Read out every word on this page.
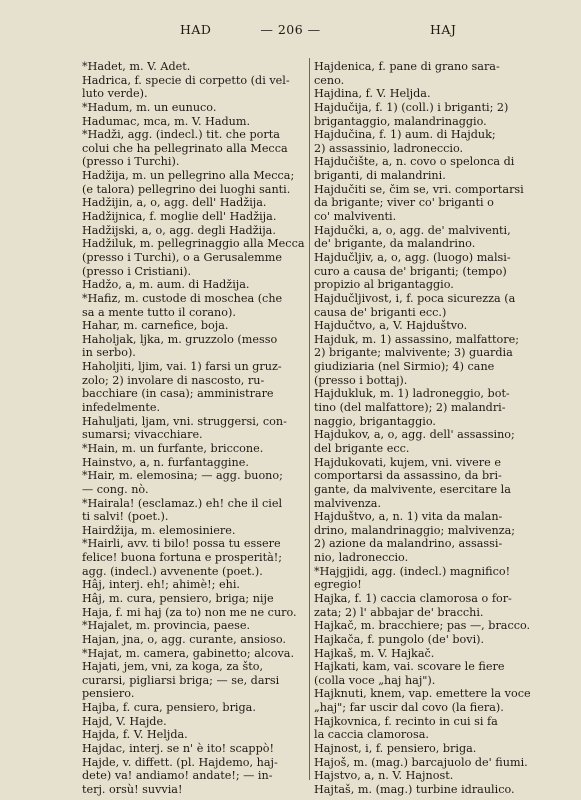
HAD	— 206 —	HAJ
*Hadet, m. V. Adet.
Hadrica, f. specie di corpetto (di vel-
luto verde).
*Hadum, m. un eunuco.
Hadumac, mca, m. V. Hadum.
*Hadži, agg. (indecl.) tit. che porta
colui che ha pellegrinato alla Mecca
(presso i Turchi).
Hadžija, m. un pellegrino alla Mecca;
(e talora) pellegrino dei luoghi santi.
Hadžijin, a, o, agg. dell' Hadžija.
Hadžijnica, f. moglie dell' Hadžija.
Hadžijski, a, o, agg. degli Hadžija.
Hadžiluk, m. pellegrinaggio alla Mecca
(presso i Turchi), o a Gerusalemme
(presso i Cristiani).
Hadžo, a, m. aum. di Hadžija.
*Hafiz, m. custode di moschea (che
sa a mente tutto il corano).
Hahar, m. carnefice, boja.
Haholjak, ljka, m. gruzzolo (messo
in serbo).
Haholjiti, ljim, vai. 1) farsi un gruz-
zolo; 2) involare di nascosto, ru-
bacchiare (in casa); amministrare
infedelmente.
Hahuljati, ljam, vni. struggersi, con-
sumarsi; vivacchiare.
*Hain, m. un furfante, briccone.
Hainstvo, a, n. furfantaggine.
*Hair, m. elemosina; — agg. buono;
— cong. nò.
*Hairala! (esclamaz.) eh! che il ciel
ti salvi! (poet.).
Hairdžija, m. elemosiniere.
*Hairli, avv. ti bilo! possa tu essere
felice! buona fortuna e prosperità!;
agg. (indecl.) avvenente (poet.).
Hâj, interj. eh!; ahimè!; ehi.
Hâj, m. cura, pensiero, briga; nije
Haja, f. mi haj (za to) non me ne curo.
*Hajalet, m. provincia, paese.
Hajan, jna, o, agg. curante, ansioso.
*Hajat, m. camera, gabinetto; alcova.
Hajati, jem, vni, za koga, za što,
curarsi, pigliarsi briga; — se, darsi
pensiero.
Hajba, f. cura, pensiero, briga.
Hajd, V. Hajde.
Hajda, f. V. Heljda.
Hajdac, interj. se n' è ito! scappò!
Hajde, v. diffett. (pl. Hajdemo, haj-
dete) va! andiamo! andate!; — in-
terj. orsù! suvvia!
Hajdenica, f. pane di grano sara-
ceno.
Hajdina, f. V. Heljda.
Hajdučija, f. 1) (coll.) i briganti; 2)
brigantaggio, malandrinaggio.
Hajdučina, f. 1) aum. di Hajduk;
2) assassinio, ladroneccio.
Hajdučište, a, n. covo o spelonca di
briganti, di malandrini.
Hajdučiti se, čim se, vri. comportarsi
da brigante; viver co' briganti o
co' malviventi.
Hajdučki, a, o, agg. de' malviventi,
de' brigante, da malandrino.
Hajdučljiv, a, o, agg. (luogo) malsi-
curo a causa de' briganti; (tempo)
propizio al brigantaggio.
Hajdučljivost, i, f. poca sicurezza (a
causa de' briganti ecc.)
Hajdučtvo, a, V. Hajduštvo.
Hajduk, m. 1) assassino, malfattore;
2) brigante; malvivente; 3) guardia
giudiziaria (nel Sirmio); 4) cane
(presso i bottaj).
Hajdukluk, m. 1) ladroneggio, bot-
tino (del malfattore); 2) malandri-
naggio, brigantaggio.
Hajdukov, a, o, agg. dell' assassino;
del brigante ecc.
Hajdukovati, kujem, vni. vivere e
comportarsi da assassino, da bri-
gante, da malvivente, esercitare la
malvivenza.
Hajduštvo, a, n. 1) vita da malan-
drino, malandrinaggio; malvivenza;
2) azione da malandrino, assassi-
nio, ladroneccio.
*Hajgjidi, agg. (indecl.) magnifico!
egregio!
Hajka, f. 1) caccia clamorosa o for-
zata; 2) l' abbajar de' bracchi.
Hajkač, m. bracchiere; pas —, bracco.
Hajkača, f. pungolo (de' bovi).
Hajkaš, m. V. Hajkač.
Hajkati, kam, vai. scovare le fiere
(colla voce „haj haj").
Hajknuti, knem, vap. emettere la voce
„haj"; far uscir dal covo (la fiera).
Hajkovnica, f. recinto in cui si fa
la caccia clamorosa.
Hajnost, i, f. pensiero, briga.
Hajoš, m. (mag.) barcajuolo de' fiumi.
Hajstvo, a, n. V. Hajnost.
Hajtaš, m. (mag.) turbine idraulico.
